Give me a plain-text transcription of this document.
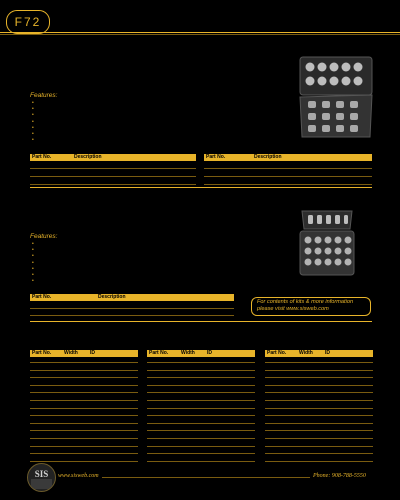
F72
Features:
•
•
•
•
•
•
•
Part No.	Description	Part No.	Description
Features:
•
•
•
•
•
•
•
Part No.	Description
For contents of kits & more information
please visit www.sisweb.com
Part No.	Width ID	Part No.	Width ID	Part No.	Width ID
SIS www.sisweb.com	Phone: 908-788-5550
